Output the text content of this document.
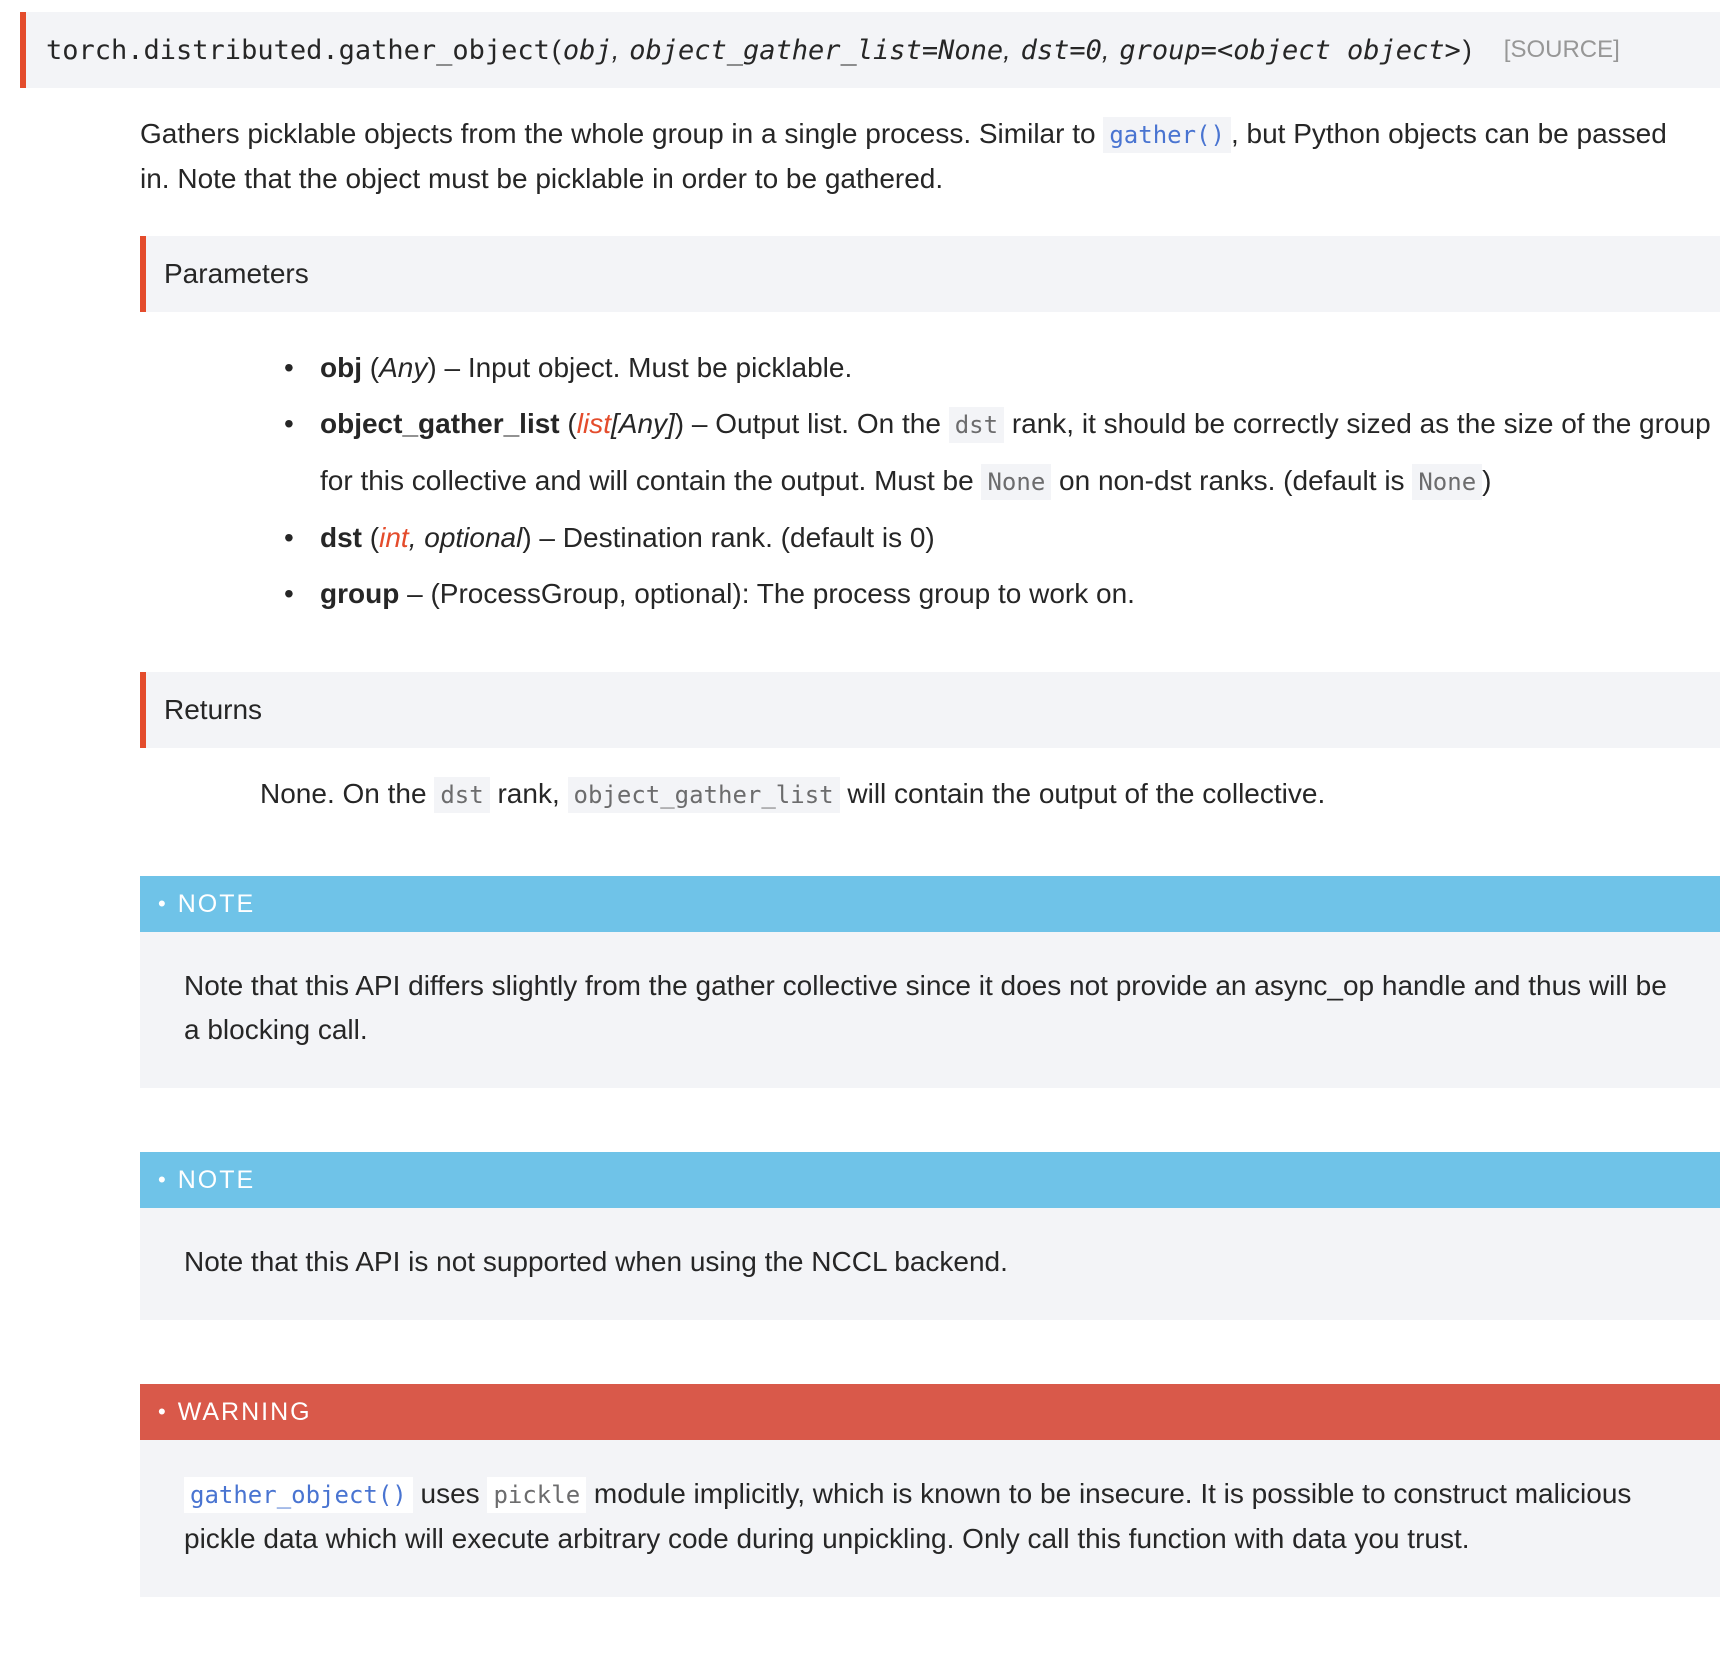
torch.distributed.gather_object ( obj , object_gather_list=None , dst=0 , group=<object object> ) [SOURCE]
Gathers picklable objects from the whole group in a single process. Similar to gather() , but Python objects can be passed in. Note that the object must be picklable in order to be gathered.
Parameters
• obj (Any) – Input object. Must be picklable.
• object_gather_list (list[Any]) – Output list. On the dst rank, it should be correctly sized as the size of the group for this collective and will contain the output. Must be None on non-dst ranks. (default is None )
• dst (int, optional) – Destination rank. (default is 0)
• group – (ProcessGroup, optional): The process group to work on.
Returns
None. On the dst rank, object_gather_list will contain the output of the collective.
• NOTE
Note that this API differs slightly from the gather collective since it does not provide an async_op handle and thus will be a blocking call.
• NOTE
Note that this API is not supported when using the NCCL backend.
• WARNING
gather_object() uses pickle module implicitly, which is known to be insecure. It is possible to construct malicious pickle data which will execute arbitrary code during unpickling. Only call this function with data you trust.
